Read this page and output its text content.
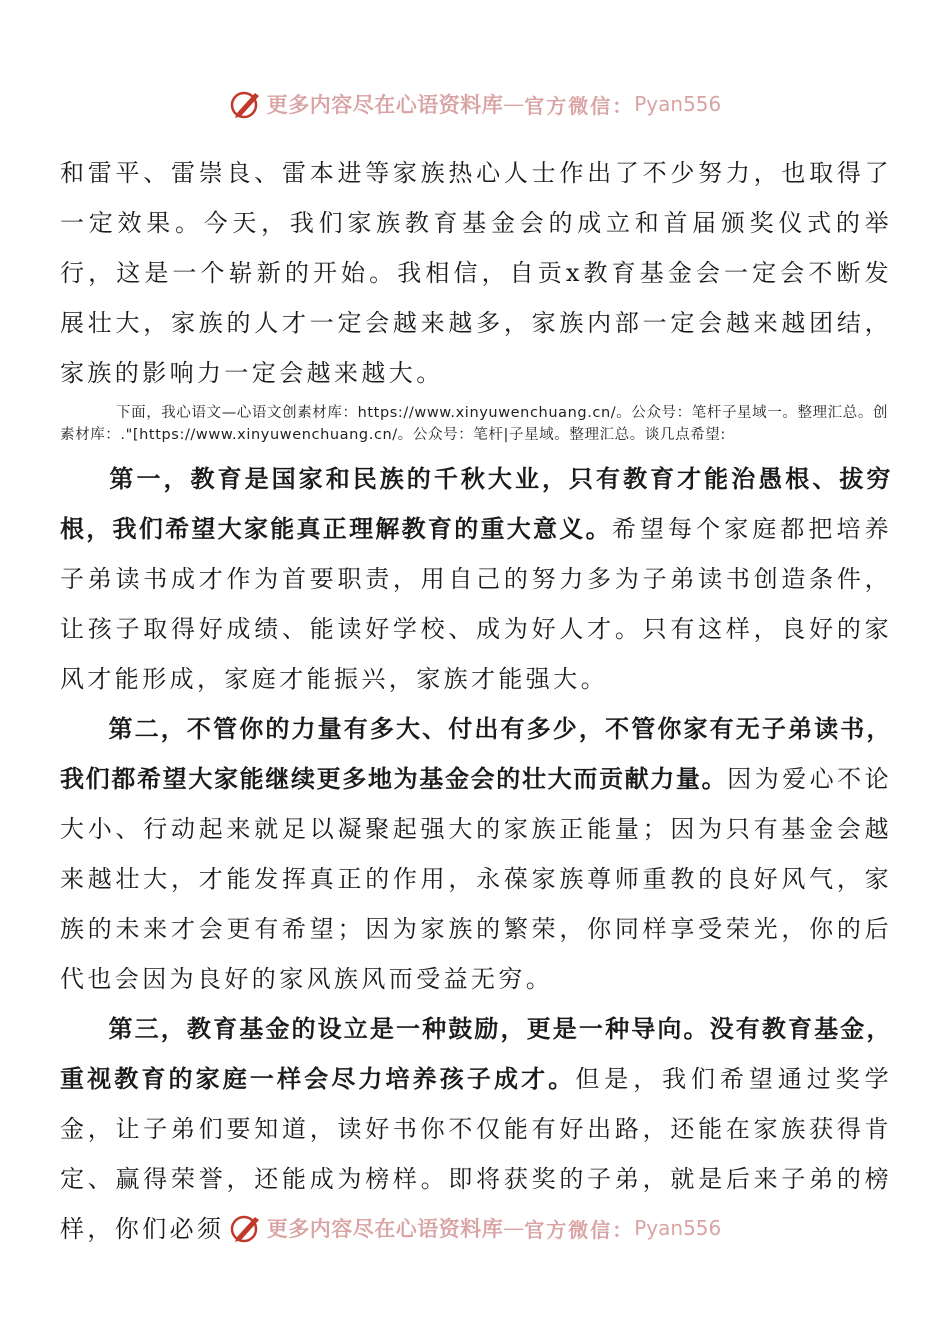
更多内容尽在心语资料库 — 官方微信： Pyan556

和雷平、雷崇良、雷本进等家族热心人士作出了不少努力，也取得了一定效果。今天，我们家族教育基金会的成立和首届颁奖仪式的举行，这是一个崭新的开始。我相信，自贡x教育基金会一定会不断发展壮大，家族的人才一定会越来越多，家族内部一定会越来越团结，家族的影响力一定会越来越大。

下面，我心语文—心语文创素材库：https://www.xinyuwenchuang.cn/。公众号：笔杆子星域一。整理汇总。创素材库：."[https://www.xinyuwenchuang.cn/。公众号：笔杆|子星域。整理汇总。谈几点希望:

第一，教育是国家和民族的千秋大业，只有教育才能治愚根、拔穷根，我们希望大家能真正理解教育的重大意义。希望每个家庭都把培养子弟读书成才作为首要职责，用自己的努力多为子弟读书创造条件，让孩子取得好成绩、能读好学校、成为好人才。只有这样，良好的家风才能形成，家庭才能振兴，家族才能强大。

第二，不管你的力量有多大、付出有多少，不管你家有无子弟读书，我们都希望大家能继续更多地为基金会的壮大而贡献力量。因为爱心不论大小、行动起来就足以凝聚起强大的家族正能量；因为只有基金会越来越壮大，才能发挥真正的作用，永葆家族尊师重教的良好风气，家族的未来才会更有希望；因为家族的繁荣，你同样享受荣光，你的后代也会因为良好的家风族风而受益无穷。

第三，教育基金的设立是一种鼓励，更是一种导向。没有教育基金，重视教育的家庭一样会尽力培养孩子成才。但是，我们希望通过奖学金，让子弟们要知道，读好书你不仅能有好出路，还能在家族获得肯定、赢得荣誉，还能成为榜样。即将获奖的子弟，就是后来子弟的榜样，你们必须	更多内容尽在心语资料库 — 官方微信： Pyan556
